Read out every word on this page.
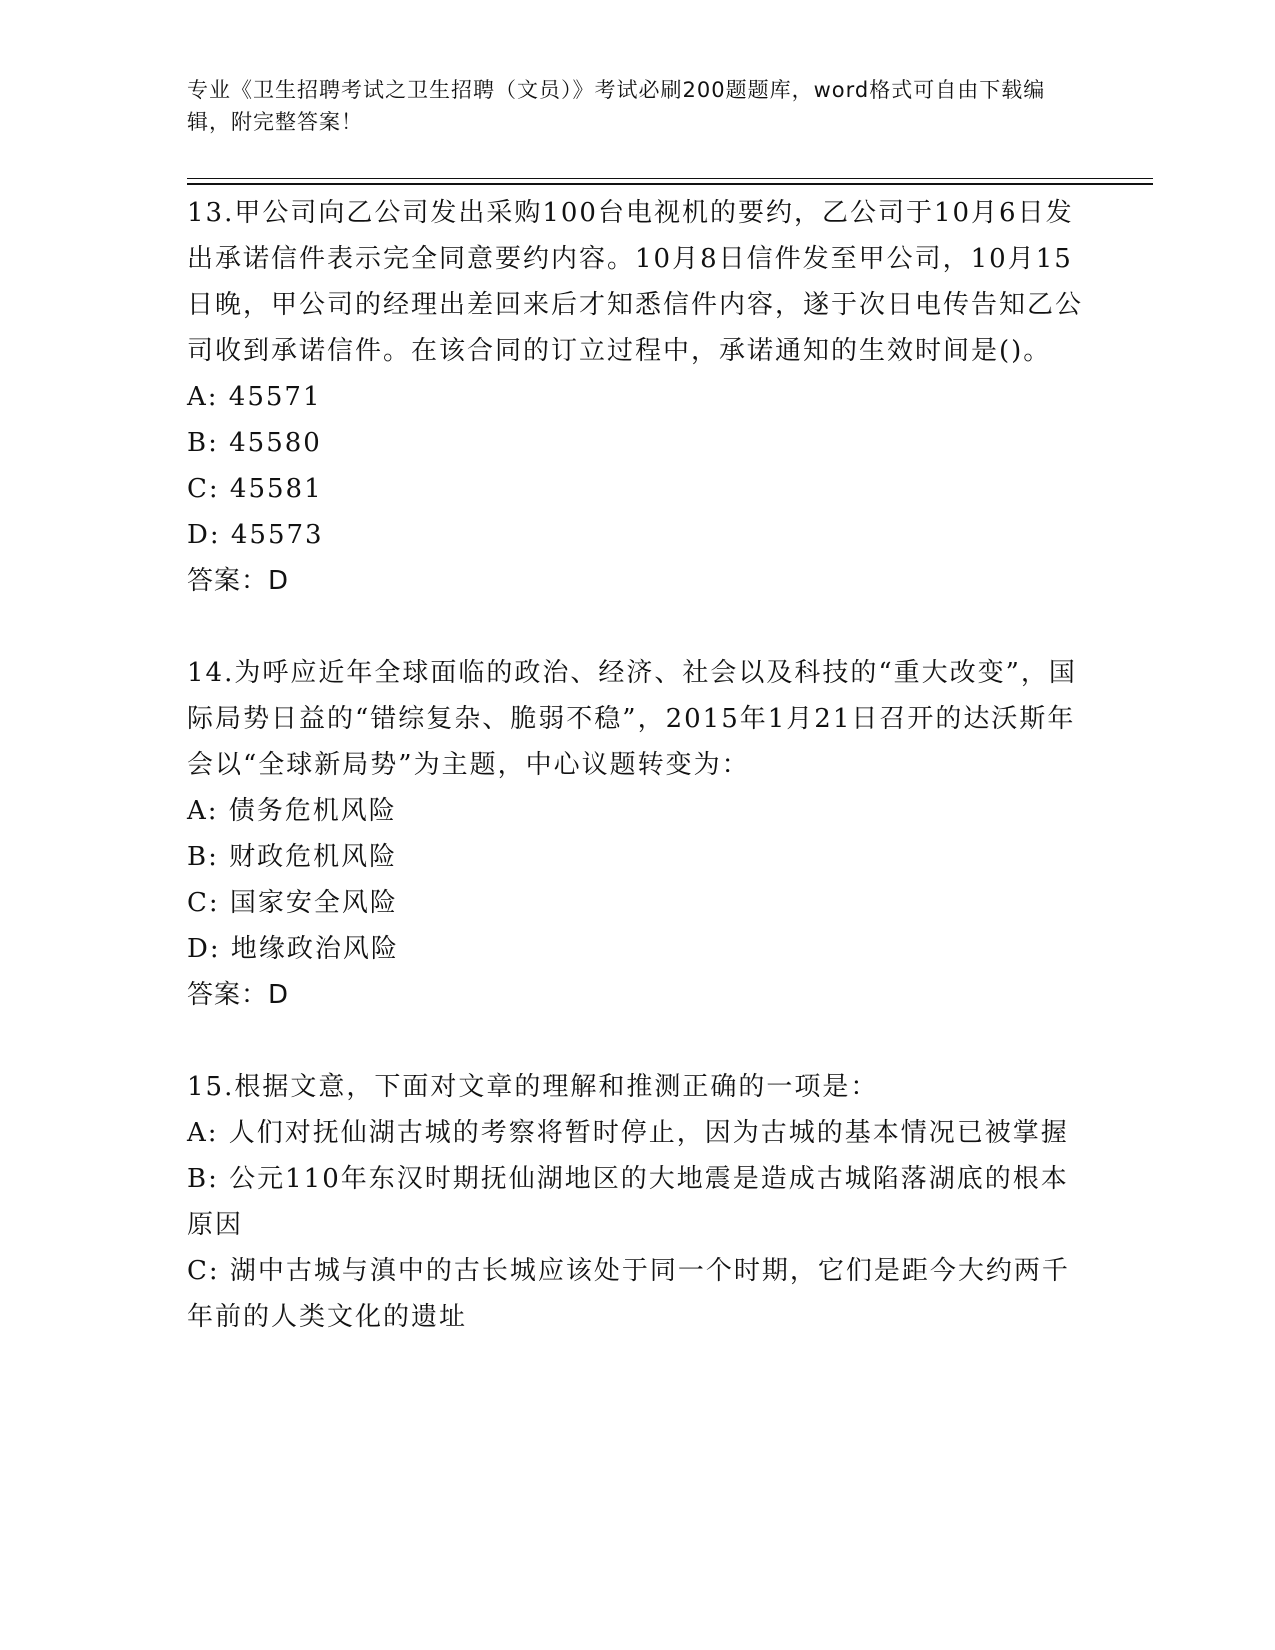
专业《卫生招聘考试之卫生招聘（文员）》考试必刷200题题库，word格式可自由下载编辑，附完整答案！

13.甲公司向乙公司发出采购100台电视机的要约，乙公司于10月6日发出承诺信件表示完全同意要约内容。10月8日信件发至甲公司，10月15日晚，甲公司的经理出差回来后才知悉信件内容，遂于次日电传告知乙公司收到承诺信件。在该合同的订立过程中，承诺通知的生效时间是()。

A: 45571

B: 45580

C: 45581

D: 45573

答案：D

14.为呼应近年全球面临的政治、经济、社会以及科技的“重大改变”，国际局势日益的“错综复杂、脆弱不稳”，2015年1月21日召开的达沃斯年会以“全球新局势”为主题，中心议题转变为：

A: 债务危机风险

B: 财政危机风险

C: 国家安全风险

D: 地缘政治风险

答案：D

15.根据文意，下面对文章的理解和推测正确的一项是：

A: 人们对抚仙湖古城的考察将暂时停止，因为古城的基本情况已被掌握

B: 公元110年东汉时期抚仙湖地区的大地震是造成古城陷落湖底的根本原因

C: 湖中古城与滇中的古长城应该处于同一个时期，它们是距今大约两千年前的人类文化的遗址
